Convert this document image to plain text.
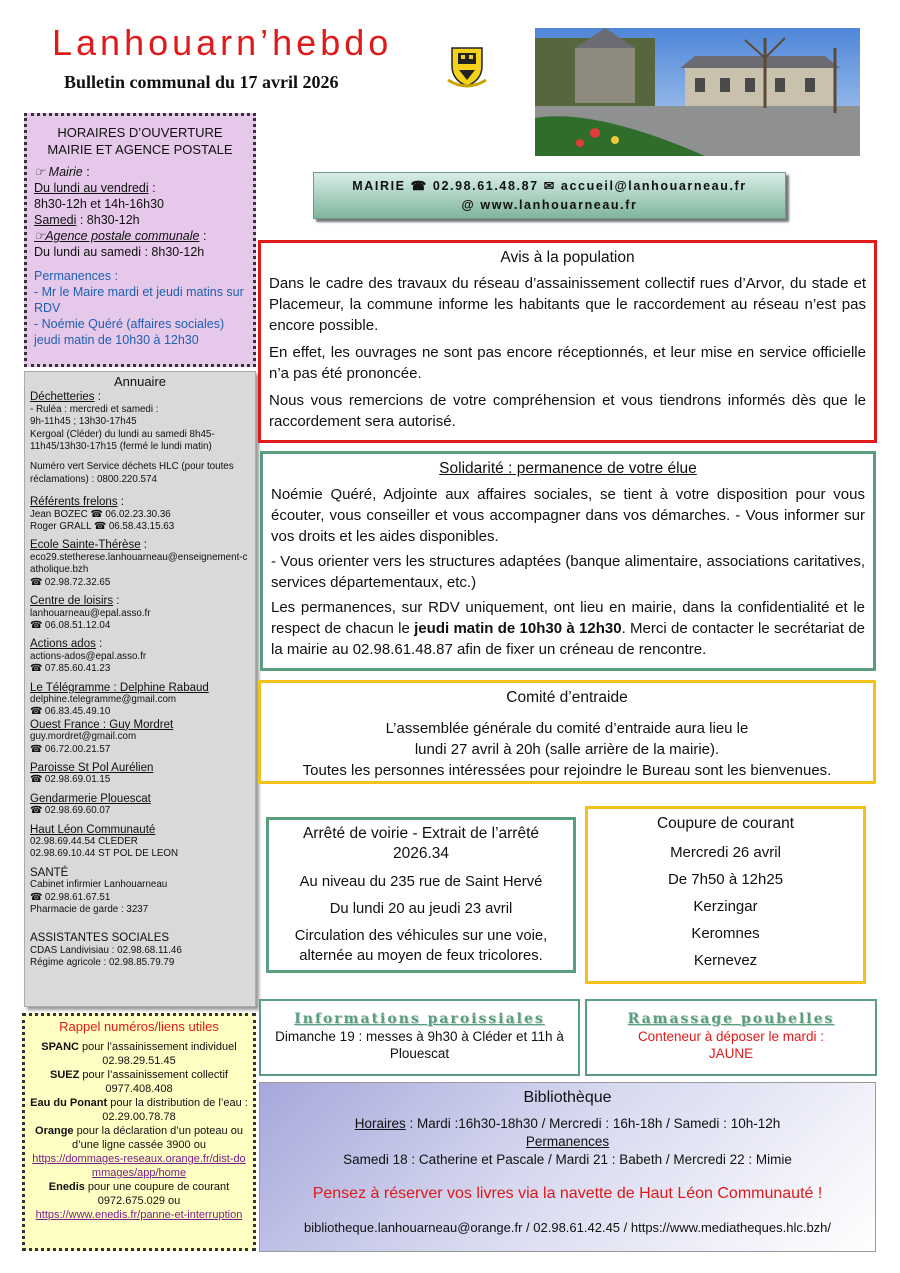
Lanhouarn’hebdo
Bulletin communal du 17 avril 2026
HORAIRES D’OUVERTURE
MAIRIE ET AGENCE POSTALE
☞ Mairie :
Du lundi au vendredi :
8h30-12h et 14h-16h30
Samedi : 8h30-12h
☞Agence postale communale :
Du lundi au samedi : 8h30-12h
Permanences :
- Mr le Maire mardi et jeudi matins sur RDV
- Noémie Quéré (affaires sociales) jeudi matin de 10h30 à 12h30
Annuaire
Déchetteries :
- Ruléa : mercredi et samedi :
9h-11h45 ; 13h30-17h45
Kergoal (Cléder) du lundi au samedi 8h45-11h45/13h30-17h15 (fermé le lundi matin)
Numéro vert Service déchets HLC (pour toutes réclamations) : 0800.220.574
Référents frelons :
Jean BOZEC ☎ 06.02.23.30.36
Roger GRALL ☎ 06.58.43.15.63
Ecole Sainte-Thérèse :
eco29.stetherese.lanhouarneau@enseignement-catholique.bzh
☎ 02.98.72.32.65
Centre de loisirs :
lanhouarneau@epal.asso.fr
☎ 06.08.51.12.04
Actions ados :
actions-ados@epal.asso.fr
☎ 07.85.60.41.23
Le Télégramme : Delphine Rabaud
delphine.telegramme@gmail.com
☎ 06.83.45.49.10
Ouest France : Guy Mordret
guy.mordret@gmail.com
☎ 06.72.00.21.57
Paroisse St Pol Aurélien
☎ 02.98.69.01.15
Gendarmerie Plouescat
☎ 02.98.69.60.07
Haut Léon Communauté
02.98.69.44.54 CLEDER
02.98.69.10.44 ST POL DE LEON
SANTÉ
Cabinet infirmier Lanhouarneau
☎ 02.98.61.67.51
Pharmacie de garde : 3237
ASSISTANTES SOCIALES
CDAS Landivisiau : 02.98.68.11.46
Régime agricole : 02.98.85.79.79
Rappel numéros/liens utiles
SPANC pour l’assainissement individuel 02.98.29.51.45
SUEZ pour l’assainissement collectif 0977.408.408
Eau du Ponant pour la distribution de l’eau : 02.29.00.78.78
Orange pour la déclaration d’un poteau ou d’une ligne cassée 3900 ou
https://dommages-reseaux.orange.fr/dist-dommages/app/home
Enedis pour une coupure de courant 0972.675.029 ou
https://www.enedis.fr/panne-et-interruption
MAIRIE ☎ 02.98.61.48.87 ✉ accueil@lanhouarneau.fr
@ www.lanhouarneau.fr
Avis à la population

Dans le cadre des travaux du réseau d’assainissement collectif rues d’Arvor, du stade et Placemeur, la commune informe les habitants que le raccordement au réseau n’est pas encore possible.

En effet, les ouvrages ne sont pas encore réceptionnés, et leur mise en service officielle n’a pas été prononcée.

Nous vous remercions de votre compréhension et vous tiendrons informés dès que le raccordement sera autorisé.

Solidarité : permanence de votre élue

Noémie Quéré, Adjointe aux affaires sociales, se tient à votre disposition pour vous écouter, vous conseiller et vous accompagner dans vos démarches. - Vous informer sur vos droits et les aides disponibles.

- Vous orienter vers les structures adaptées (banque alimentaire, associations caritatives, services départementaux, etc.)

Les permanences, sur RDV uniquement, ont lieu en mairie, dans la confidentialité et le respect de chacun le jeudi matin de 10h30 à 12h30. Merci de contacter le secrétariat de la mairie au 02.98.61.48.87 afin de fixer un créneau de rencontre.

Comité d’entraide
L’assemblée générale du comité d’entraide aura lieu le
lundi 27 avril à 20h (salle arrière de la mairie).
Toutes les personnes intéressées pour rejoindre le Bureau sont les bienvenues.
Arrêté de voirie - Extrait de l’arrêté 2026.34

Au niveau du 235 rue de Saint Hervé

Du lundi 20 au jeudi 23 avril

Circulation des véhicules sur une voie, alternée au moyen de feux tricolores.

Coupure de courant
Mercredi 26 avril
De 7h50 à 12h25
Kerzingar
Keromnes
Kernevez
Informations paroissiales
Dimanche 19 : messes à 9h30 à Cléder et 11h à Plouescat
Ramassage poubelles
Conteneur à déposer le mardi :
JAUNE
Bibliothèque
Horaires : Mardi :16h30-18h30 / Mercredi : 16h-18h / Samedi : 10h-12h
Permanences
Samedi 18 : Catherine et Pascale / Mardi 21 : Babeth / Mercredi 22 : Mimie
Pensez à réserver vos livres via la navette de Haut Léon Communauté !
bibliotheque.lanhouarneau@orange.fr / 02.98.61.42.45 / https://www.mediatheques.hlc.bzh/
